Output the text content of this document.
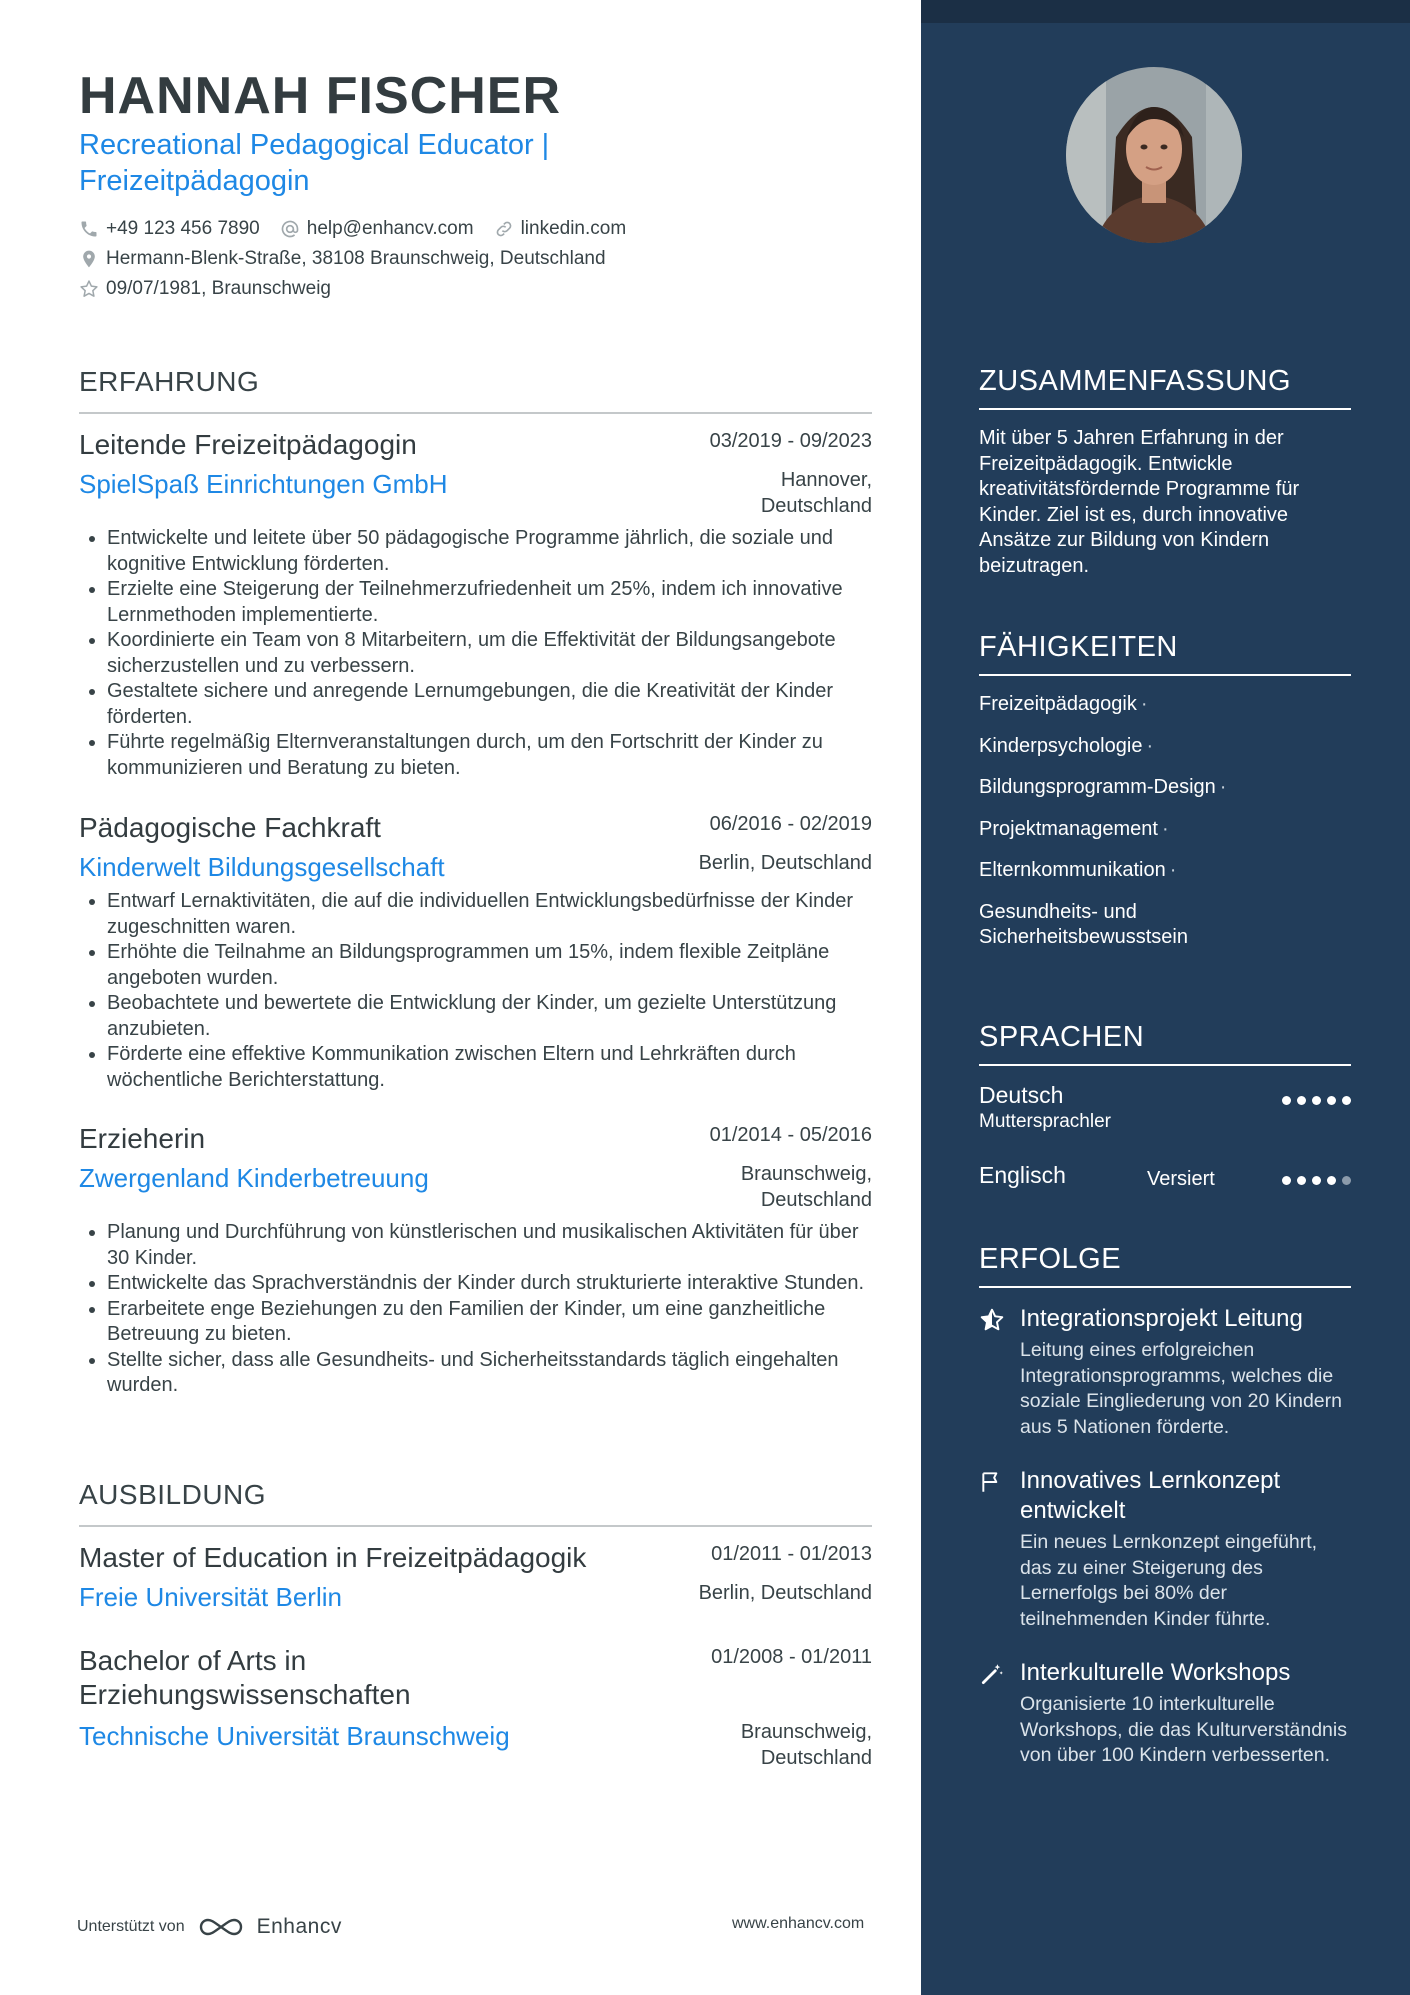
HANNAH FISCHER
Recreational Pedagogical Educator | Freizeitpädagogin
+49 123 456 7890 help@enhancv.com linkedin.com
Hermann-Blenk-Straße, 38108 Braunschweig, Deutschland
09/07/1981, Braunschweig
ERFAHRUNG
Leitende Freizeitpädagogin	03/2019 - 09/2023
SpielSpaß Einrichtungen GmbH	Hannover,
Deutschland
• Entwickelte und leitete über 50 pädagogische Programme jährlich, die soziale und kognitive Entwicklung förderten.
• Erzielte eine Steigerung der Teilnehmerzufriedenheit um 25%, indem ich innovative Lernmethoden implementierte.
• Koordinierte ein Team von 8 Mitarbeitern, um die Effektivität der Bildungsangebote sicherzustellen und zu verbessern.
• Gestaltete sichere und anregende Lernumgebungen, die die Kreativität der Kinder förderten.
• Führte regelmäßig Elternveranstaltungen durch, um den Fortschritt der Kinder zu kommunizieren und Beratung zu bieten.
Pädagogische Fachkraft	06/2016 - 02/2019
Kinderwelt Bildungsgesellschaft	Berlin, Deutschland
• Entwarf Lernaktivitäten, die auf die individuellen Entwicklungsbedürfnisse der Kinder zugeschnitten waren.
• Erhöhte die Teilnahme an Bildungsprogrammen um 15%, indem flexible Zeitpläne angeboten wurden.
• Beobachtete und bewertete die Entwicklung der Kinder, um gezielte Unterstützung anzubieten.
• Förderte eine effektive Kommunikation zwischen Eltern und Lehrkräften durch wöchentliche Berichterstattung.
Erzieherin	01/2014 - 05/2016
Zwergenland Kinderbetreuung	Braunschweig,
Deutschland
• Planung und Durchführung von künstlerischen und musikalischen Aktivitäten für über 30 Kinder.
• Entwickelte das Sprachverständnis der Kinder durch strukturierte interaktive Stunden.
• Erarbeitete enge Beziehungen zu den Familien der Kinder, um eine ganzheitliche Betreuung zu bieten.
• Stellte sicher, dass alle Gesundheits- und Sicherheitsstandards täglich eingehalten wurden.
AUSBILDUNG
Master of Education in Freizeitpädagogik	01/2011 - 01/2013
Freie Universität Berlin	Berlin, Deutschland
Bachelor of Arts in
Erziehungswissenschaften
01/2008 - 01/2011
Technische Universität Braunschweig	Braunschweig,
Deutschland
Unterstützt von	Enhancv	www.enhancv.com
ZUSAMMENFASSUNG
Mit über 5 Jahren Erfahrung in der Freizeitpädagogik. Entwickle kreativitätsfördernde Programme für Kinder. Ziel ist es, durch innovative Ansätze zur Bildung von Kindern beizutragen.
FÄHIGKEITEN
Freizeitpädagogik ·
Kinderpsychologie ·
Bildungsprogramm-Design ·
Projektmanagement ·
Elternkommunikation ·
Gesundheits- und Sicherheitsbewusstsein
SPRACHEN
Deutsch
Muttersprachler
Englisch	Versiert
ERFOLGE
Integrationsprojekt Leitung
Leitung eines erfolgreichen Integrationsprogramms, welches die soziale Eingliederung von 20 Kindern aus 5 Nationen förderte.
Innovatives Lernkonzept entwickelt
Ein neues Lernkonzept eingeführt, das zu einer Steigerung des Lernerfolgs bei 80% der teilnehmenden Kinder führte.
Interkulturelle Workshops
Organisierte 10 interkulturelle Workshops, die das Kulturverständnis von über 100 Kindern verbesserten.
